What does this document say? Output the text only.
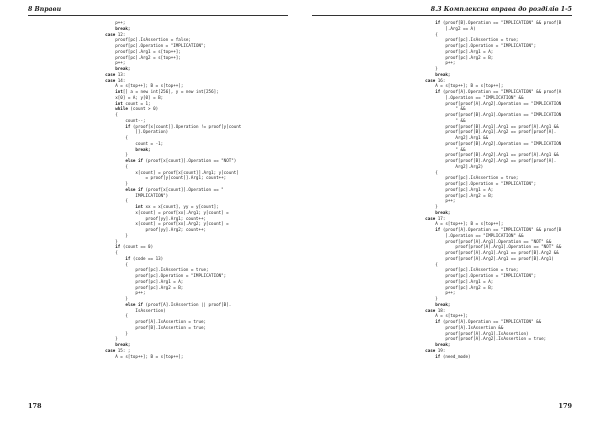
8 Вправи
p++;
break;
case 12:
proof[pc].IsAssertion = false;
proof[pc].Operation = "IMPLICATION";
proof[pc].Arg1 = s[top++];
proof[pc].Arg2 = s[top++];
p++;
break;
case 13:
case 14:
A = s[top++]; B = s[top++];
int[] a = new int[256], y = new int[256];
x[0] = A; y[0] = B;
int count = 1;
while (count > 0)
{
count--;
if (proof[x[count]].Operation != proof[y[count
]].Operation)
{
count = -1;
break;
}
else if (proof[x[count]].Operation == "NOT")
{
x[count] = proof[x[count]].Arg1; y[count]
= proof[y[count]].Arg1; count++;
}
else if (proof[x[count]].Operation == "
IMPLICATION")
{
int xx = x[count], yy = y[count];
x[count] = proof[xx].Arg1; y[count] =
proof[yy].Arg1; count++;
x[count] = proof[xx].Arg2; y[count] =
proof[yy].Arg2; count++;
}
}
if (count == 0)
{
if (code == 13)
{
proof[pc].IsAssertion = true;
proof[pc].Operation = "IMPLICATION";
proof[pc].Arg1 = A;
proof[pc].Arg2 = B;
p++;
}
else if (proof[A].IsAssertion || proof[B].
IsAssertion)
{
proof[A].IsAssertion = true;
proof[B].IsAssertion = true;
}
}
break;
case 15: ;
A = s[top++]; B = s[top++];
178
8.3 Комплексна вправа до розділів 1-5
if (proof[B].Operation == "IMPLICATION" && proof[B
].Arg2 == A)
{
proof[pc].IsAssertion = true;
proof[pc].Operation = "IMPLICATION";
proof[pc].Arg1 = A;
proof[pc].Arg2 = B;
p++;
}
break;
case 16:
A = s[top++]; B = s[top++];
if (proof[A].Operation == "IMPLICATION" && proof[A
].Operation == "IMPLICATION" &&
proof[proof[A].Arg2].Operation == "IMPLICATION
" &&
proof[proof[B].Arg1].Operation == "IMPLICATION
" &&
proof[proof[B].Arg1].Arg1 == proof[A].Arg1 &&
proof[proof[B].Arg1].Arg2 == proof[proof[A].
Arg2].Arg1 &&
proof[proof[B].Arg2].Operation == "IMPLICATION
" &&
proof[proof[B].Arg2].Arg1 == proof[A].Arg1 &&
proof[proof[B].Arg2].Arg2 == proof[proof[A].
Arg2].Arg2)
{
proof[pc].IsAssertion = true;
proof[pc].Operation = "IMPLICATION";
proof[pc].Arg1 = A;
proof[pc].Arg2 = B;
p++;
}
break;
case 17:
A = s[top++]; B = s[top++];
if (proof[A].Operation == "IMPLICATION" && proof[B
].Operation == "IMPLICATION" &&
proof[proof[A].Arg1].Operation == "NOT" &&
proof[proof[A].Arg1].Operation == "NOT" &&
proof[proof[A].Arg1].Arg1 == proof[B].Arg2 &&
proof[proof[A].Arg2].Arg1 == proof[B].Arg1)
{
proof[pc].IsAssertion = true;
proof[pc].Operation = "IMPLICATION";
proof[pc].Arg1 = A;
proof[pc].Arg2 = B;
p++;
}
break;
case 18:
A = s[top++];
if (proof[A].Operation == "IMPLICATION" &&
proof[A].IsAssertion &&
proof[proof[A].Arg1].IsAssertion)
proof[proof[A].Arg2].IsAssertion = true;
break;
case 19:
if (need_mode)
179
